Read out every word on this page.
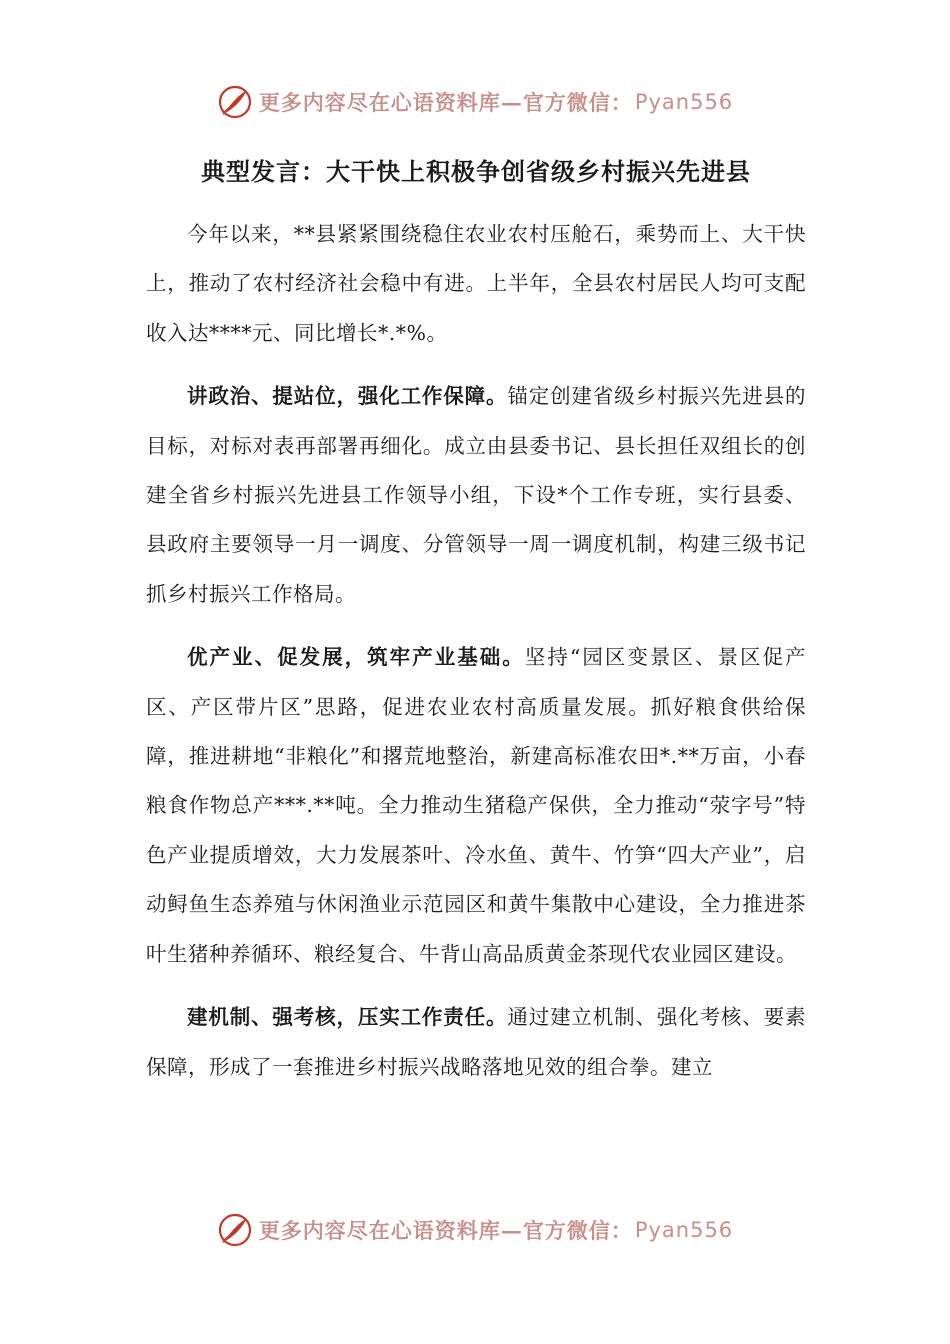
更多内容尽在心语资料库 — 官方微信： Pyan556
典型发言：大干快上积极争创省级乡村振兴先进县

今年以来，**县紧紧围绕稳住农业农村压舱石，乘势而上、大干快上，推动了农村经济社会稳中有进。上半年，全县农村居民人均可支配收入达****元、同比增长*.*%。

讲政治、提站位，强化工作保障。锚定创建省级乡村振兴先进县的目标，对标对表再部署再细化。成立由县委书记、县长担任双组长的创建全省乡村振兴先进县工作领导小组，下设*个工作专班，实行县委、县政府主要领导一月一调度、分管领导一周一调度机制，构建三级书记抓乡村振兴工作格局。

优产业、促发展，筑牢产业基础。坚持“园区变景区、景区促产区、产区带片区”思路，促进农业农村高质量发展。抓好粮食供给保障，推进耕地“非粮化”和撂荒地整治，新建高标准农田*.**万亩，小春粮食作物总产***.**吨。全力推动生猪稳产保供，全力推动“荥字号”特色产业提质增效，大力发展茶叶、冷水鱼、黄牛、竹笋“四大产业”，启动鲟鱼生态养殖与休闲渔业示范园区和黄牛集散中心建设，全力推进茶叶生猪种养循环、粮经复合、牛背山高品质黄金茶现代农业园区建设。

建机制、强考核，压实工作责任。通过建立机制、强化考核、要素保障，形成了一套推进乡村振兴战略落地见效的组合拳。建立

更多内容尽在心语资料库 — 官方微信： Pyan556
